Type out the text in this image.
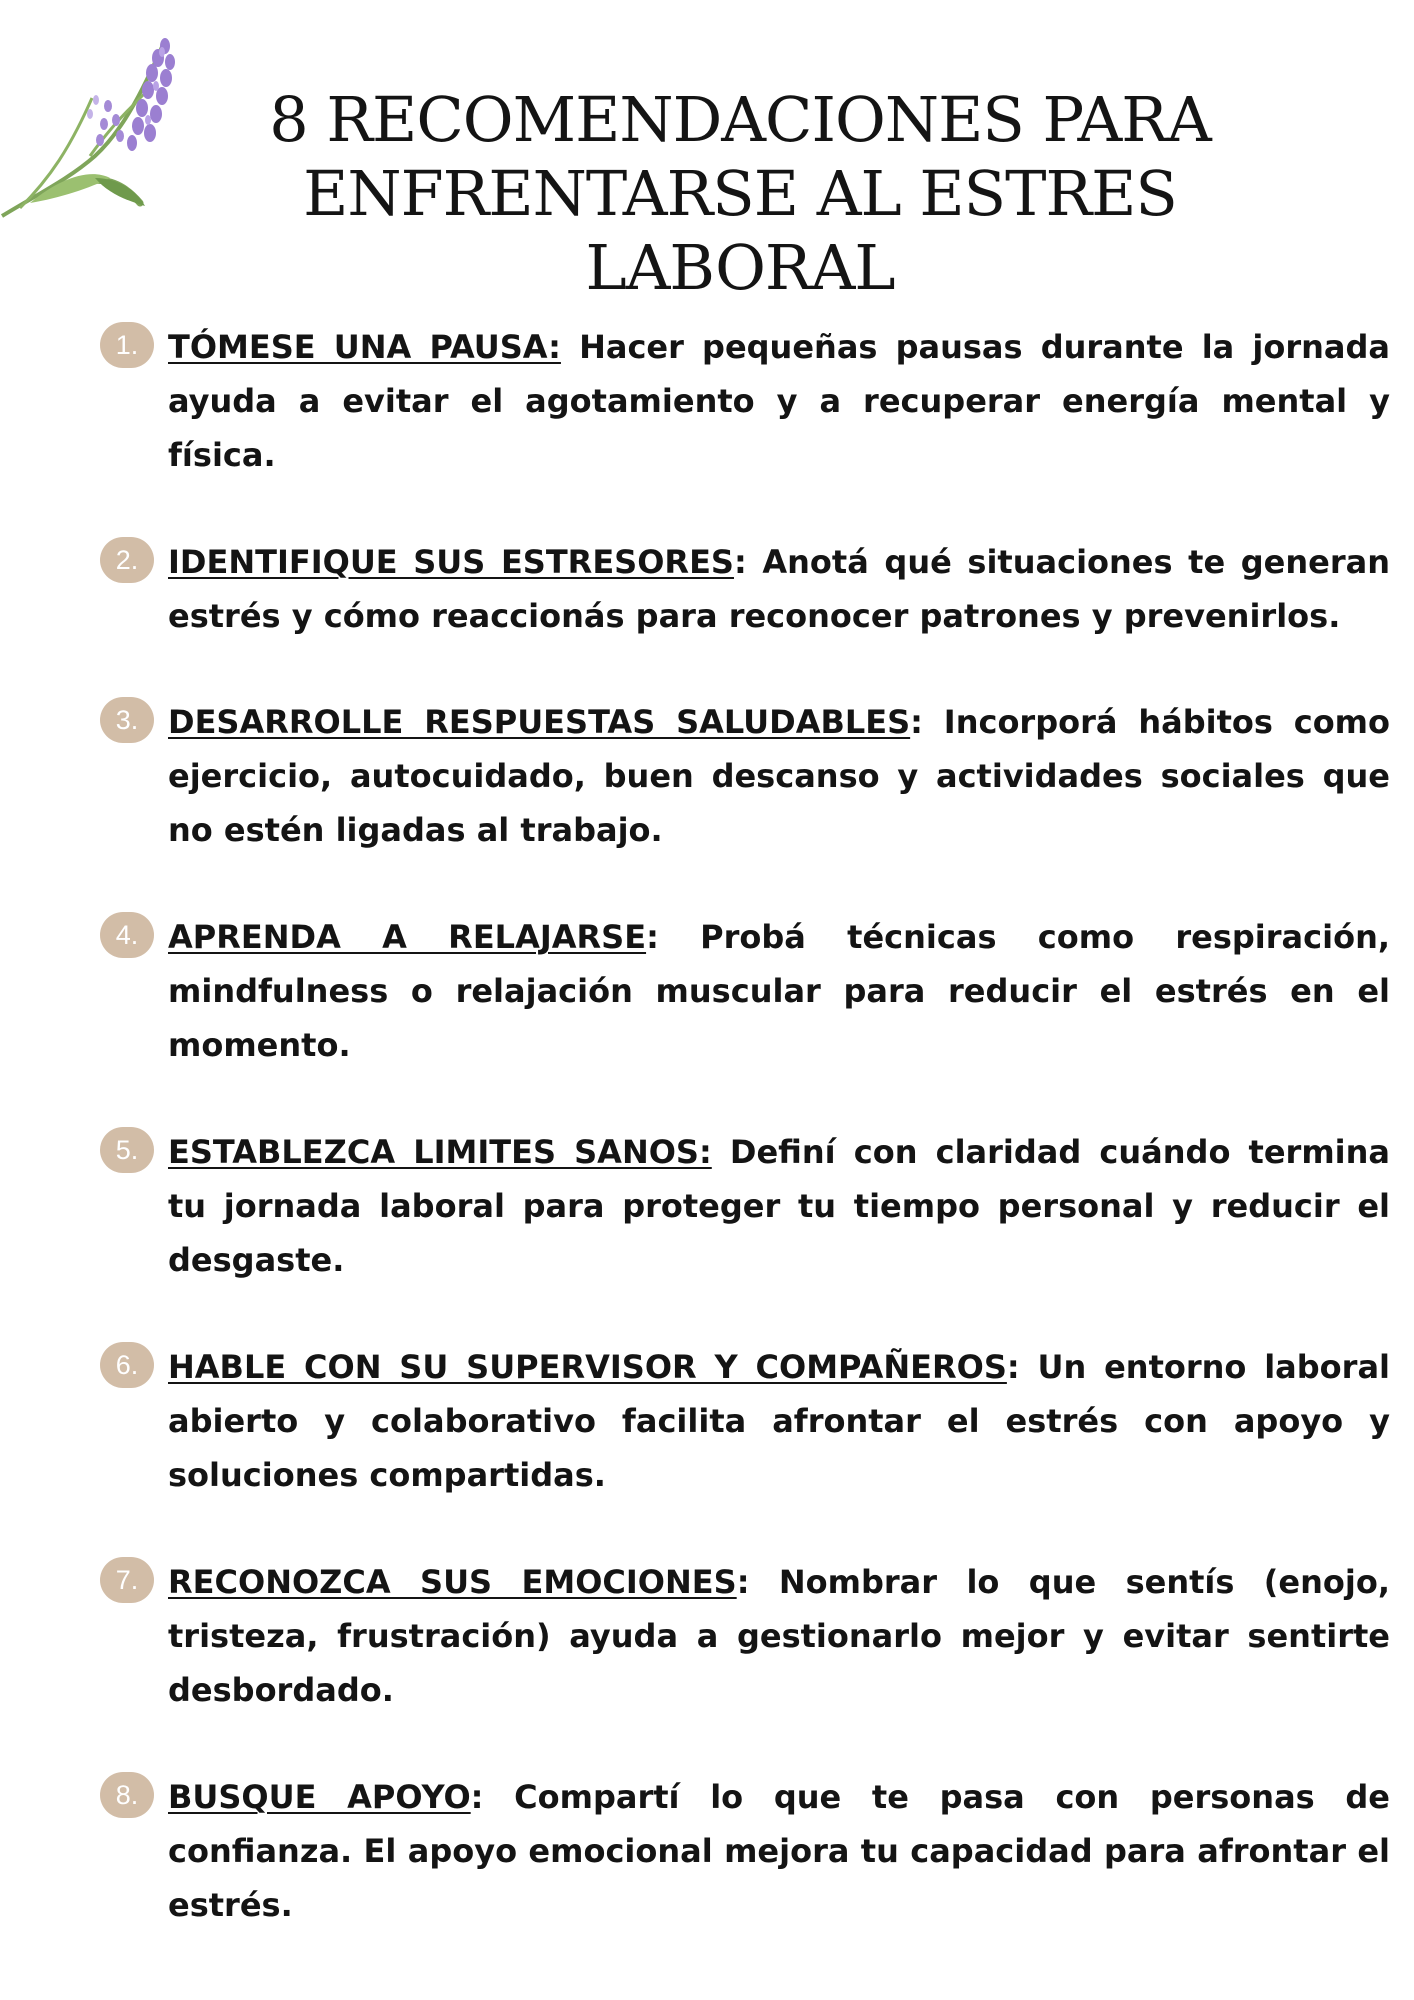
8 RECOMENDACIONES PARA
ENFRENTARSE AL ESTRES LABORAL
1. TÓMESE UNA PAUSA: Hacer pequeñas pausas durante la jornada ayuda a evitar el agotamiento y a recuperar energía mental y física.
2. IDENTIFIQUE SUS ESTRESORES: Anotá qué situaciones te generan estrés y cómo reaccionás para reconocer patrones y prevenirlos.
3. DESARROLLE RESPUESTAS SALUDABLES: Incorporá hábitos como ejercicio, autocuidado, buen descanso y actividades sociales que no estén ligadas al trabajo.
4. APRENDA A RELAJARSE: Probá técnicas como respiración, mindfulness o relajación muscular para reducir el estrés en el momento.
5. ESTABLEZCA LIMITES SANOS: Definí con claridad cuándo termina tu jornada laboral para proteger tu tiempo personal y reducir el desgaste.
6. HABLE CON SU SUPERVISOR Y COMPAÑEROS: Un entorno laboral abierto y colaborativo facilita afrontar el estrés con apoyo y soluciones compartidas.
7. RECONOZCA SUS EMOCIONES: Nombrar lo que sentís (enojo, tristeza, frustración) ayuda a gestionarlo mejor y evitar sentirte desbordado.
8. BUSQUE APOYO: Compartí lo que te pasa con personas de confianza. El apoyo emocional mejora tu capacidad para afrontar el estrés.
